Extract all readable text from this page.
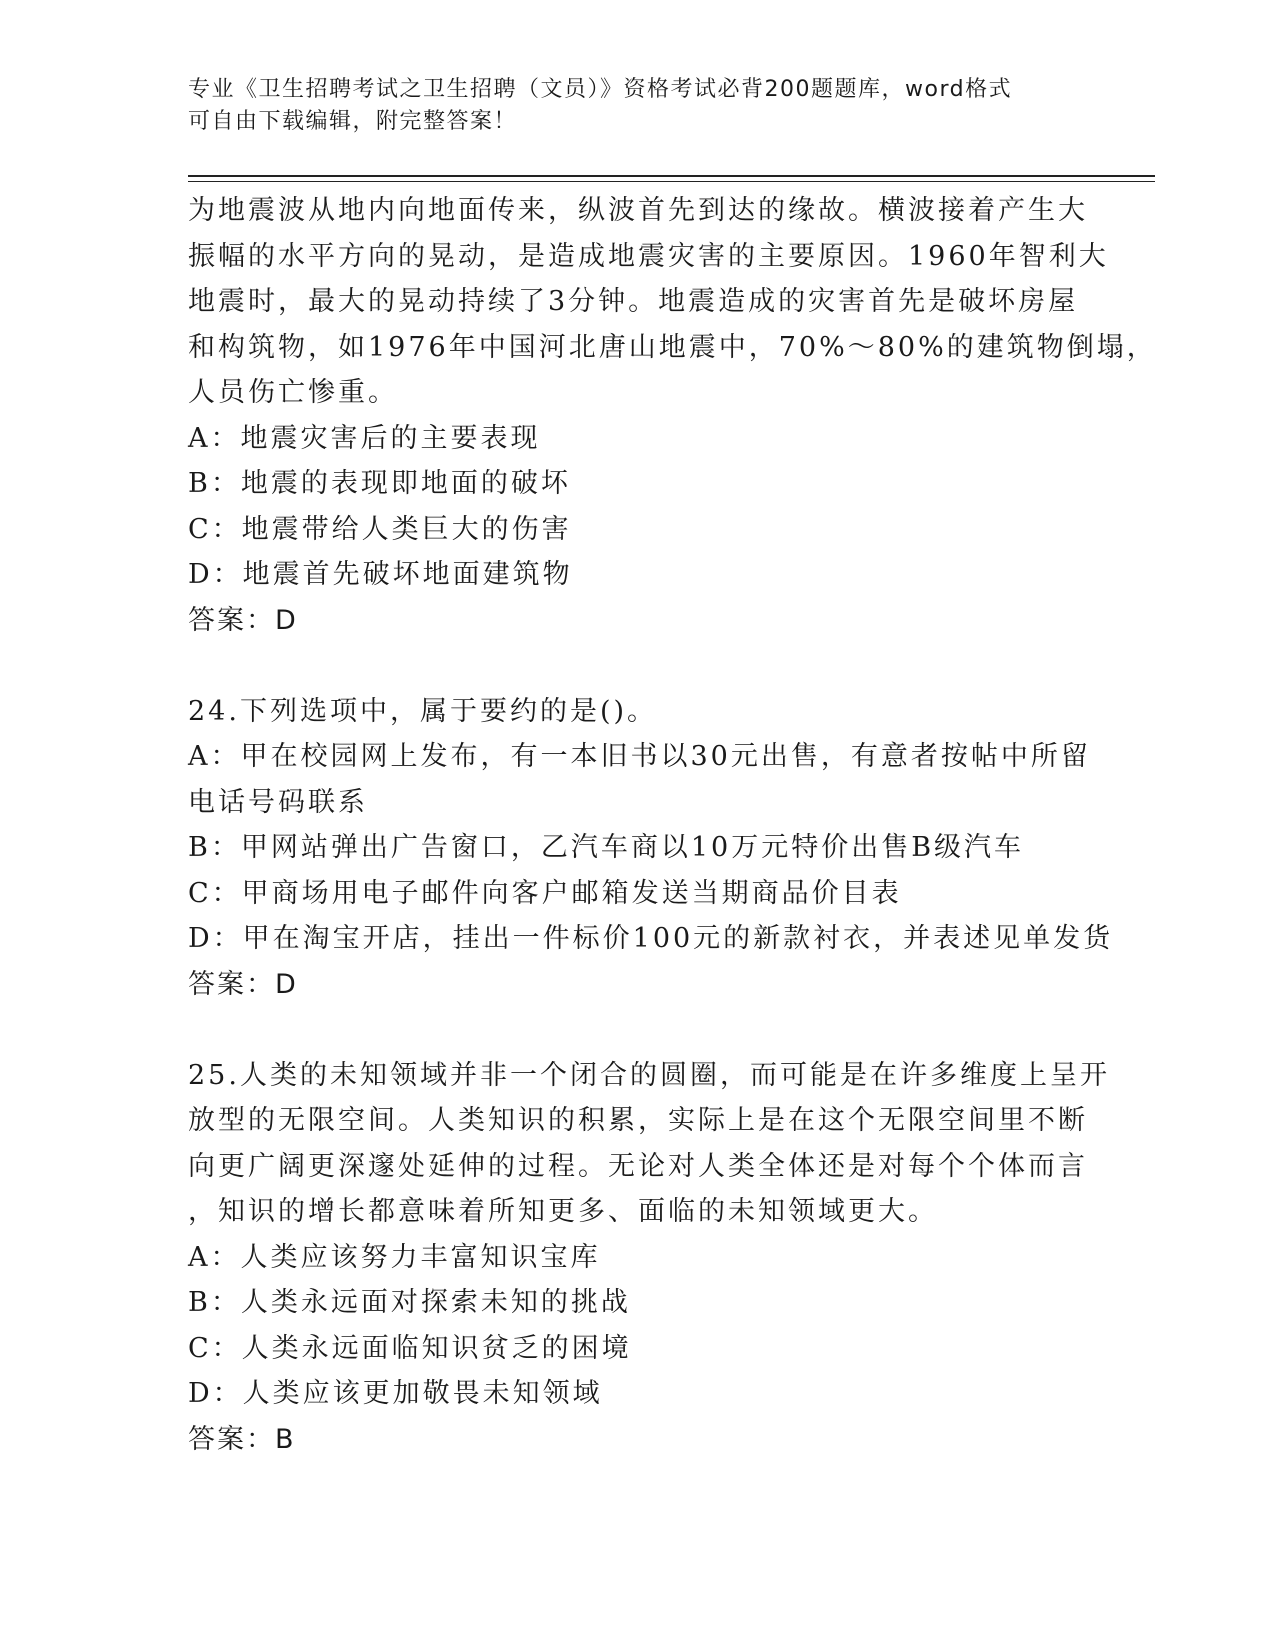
专业《卫生招聘考试之卫生招聘（文员）》资格考试必背200题题库，word格式
可自由下载编辑，附完整答案！
为地震波从地内向地面传来，纵波首先到达的缘故。横波接着产生大
振幅的水平方向的晃动，是造成地震灾害的主要原因。1960年智利大
地震时，最大的晃动持续了3分钟。地震造成的灾害首先是破坏房屋
和构筑物，如1976年中国河北唐山地震中，70%～80%的建筑物倒塌，
人员伤亡惨重。
A：地震灾害后的主要表现
B：地震的表现即地面的破坏
C：地震带给人类巨大的伤害
D：地震首先破坏地面建筑物
答案：D
24.下列选项中，属于要约的是()。
A：甲在校园网上发布，有一本旧书以30元出售，有意者按帖中所留
电话号码联系
B：甲网站弹出广告窗口，乙汽车商以10万元特价出售B级汽车
C：甲商场用电子邮件向客户邮箱发送当期商品价目表
D：甲在淘宝开店，挂出一件标价100元的新款衬衣，并表述见单发货
答案：D
25.人类的未知领域并非一个闭合的圆圈，而可能是在许多维度上呈开
放型的无限空间。人类知识的积累，实际上是在这个无限空间里不断
向更广阔更深邃处延伸的过程。无论对人类全体还是对每个个体而言
，知识的增长都意味着所知更多、面临的未知领域更大。
A：人类应该努力丰富知识宝库
B：人类永远面对探索未知的挑战
C：人类永远面临知识贫乏的困境
D：人类应该更加敬畏未知领域
答案：B
